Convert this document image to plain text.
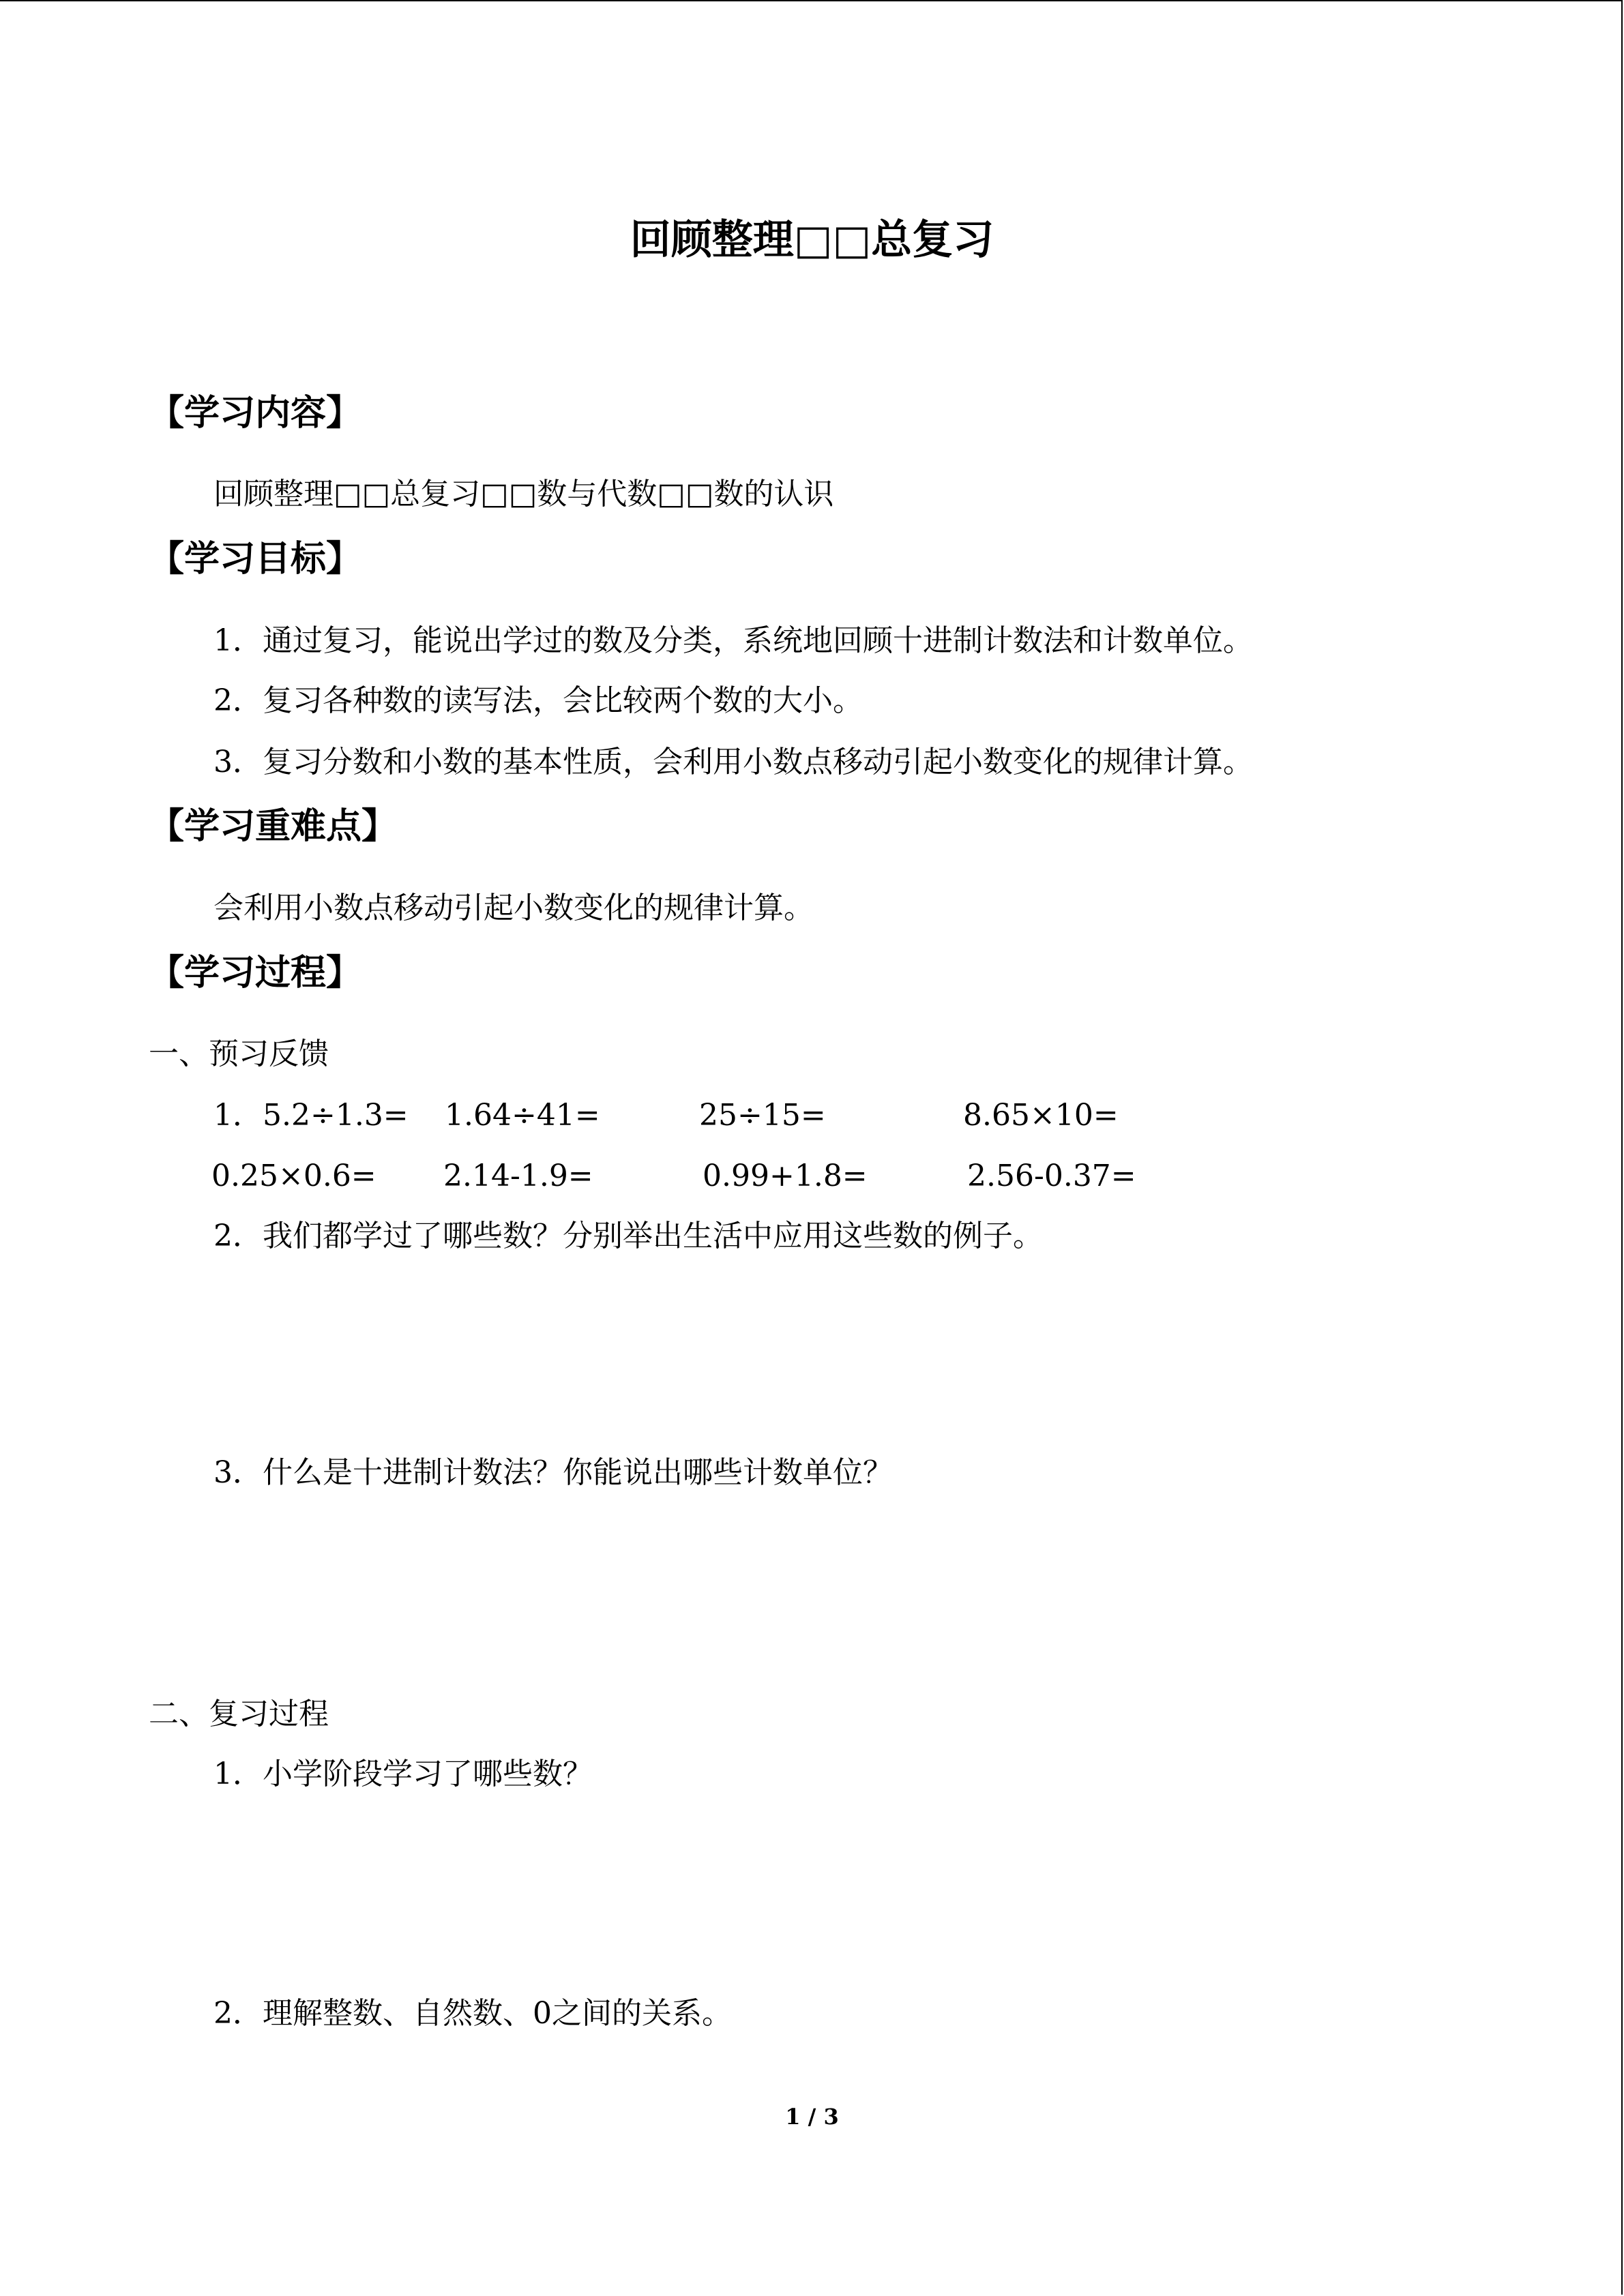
回顾整理□□总复习
【学习内容】
回顾整理□□总复习□□数与代数□□数的认识
【学习目标】
1．通过复习，能说出学过的数及分类，系统地回顾十进制计数法和计数单位。
2．复习各种数的读写法，会比较两个数的大小。
3．复习分数和小数的基本性质，会利用小数点移动引起小数变化的规律计算。
【学习重难点】
会利用小数点移动引起小数变化的规律计算。
【学习过程】
一、预习反馈
1．5.2÷1.3= 1.64÷41=	25÷15=	8.65×10=
0.25×0.6= 2.14-1.9=	0.99+1.8=	2.56-0.37=
2．我们都学过了哪些数？分别举出生活中应用这些数的例子。
3．什么是十进制计数法？你能说出哪些计数单位？
二、复习过程
1．小学阶段学习了哪些数？
2．理解整数、自然数、0之间的关系。
1 / 3
